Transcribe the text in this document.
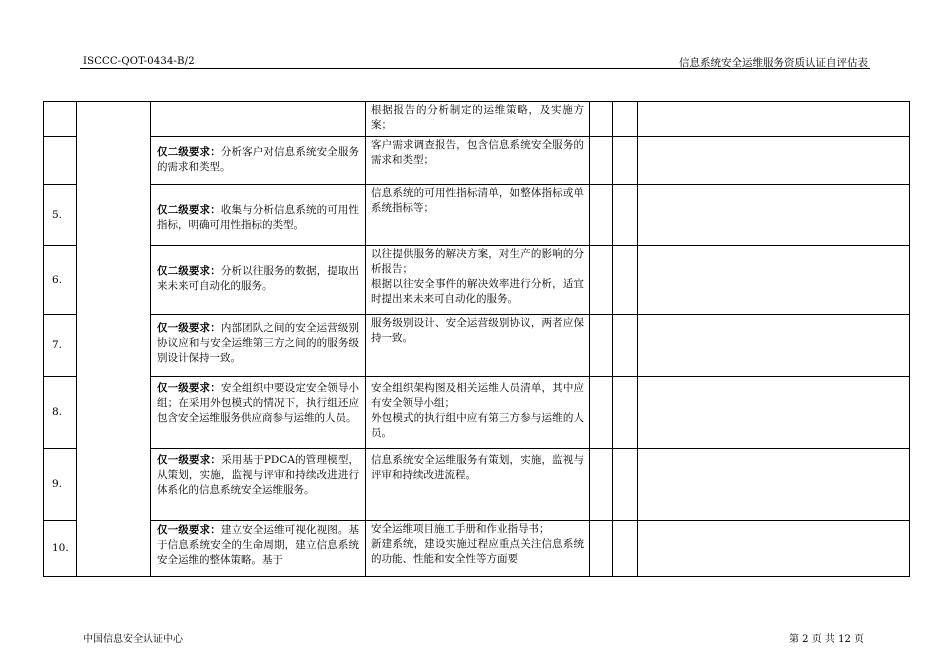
ISCCC-QOT-0434-B/2	信息系统安全运维服务资质认证自评估表

			根据报告的分析制定的运维策略，及实施方案；			

		仅二级要求：分析客户对信息系统安全服务的需求和类型。	客户需求调查报告，包含信息系统安全服务的需求和类型；			

5.		仅二级要求：收集与分析信息系统的可用性指标，明确可用性指标的类型。	信息系统的可用性指标清单，如整体指标或单系统指标等；			

6.		仅二级要求：分析以往服务的数据，提取出来未来可自动化的服务。	以往提供服务的解决方案，对生产的影响的分析报告；
根据以往安全事件的解决效率进行分析，适宜时提出来未来可自动化的服务。			

7.		仅一级要求：内部团队之间的安全运营级别协议应和与安全运维第三方之间的的服务级别设计保持一致。	服务级别设计、安全运营级别协议，两者应保持一致。			

8.		仅一级要求：安全组织中要设定安全领导小组；在采用外包模式的情况下，执行组还应包含安全运维服务供应商参与运维的人员。	安全组织架构图及相关运维人员清单，其中应有安全领导小组；
外包模式的执行组中应有第三方参与运维的人员。			

9.		仅一级要求：采用基于PDCA的管理模型，从策划，实施，监视与评审和持续改进进行体系化的信息系统安全运维服务。	信息系统安全运维服务有策划，实施，监视与评审和持续改进流程。			

10.		仅一级要求：建立安全运维可视化视图。基于信息系统安全的生命周期，建立信息系统安全运维的整体策略。基于	安全运维项目施工手册和作业指导书；
新建系统，建设实施过程应重点关注信息系统的功能、性能和安全性等方面要			

中国信息安全认证中心	第 2 页 共 12 页
